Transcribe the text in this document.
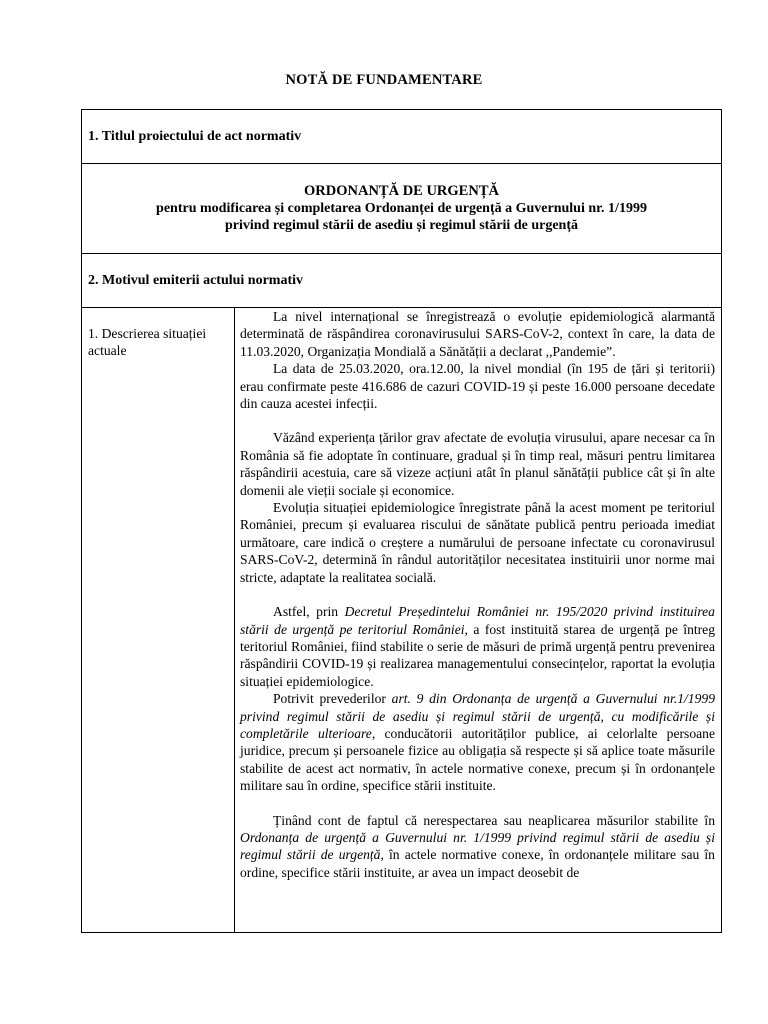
NOTĂ DE FUNDAMENTARE
1. Titlul proiectului de act normativ

ORDONANȚĂ DE URGENȚĂ
pentru modificarea și completarea Ordonanței de urgență a Guvernului nr. 1/1999
privind regimul stării de asediu și regimul stării de urgență

2. Motivul emiterii actului normativ
1. Descrierea situației actuale	

La nivel internațional se înregistrează o evoluție epidemiologică alarmantă determinată de răspândirea coronavirusului SARS-CoV-2, context în care, la data de 11.03.2020, Organizația Mondială a Sănătății a declarat ,,Pandemie”.

La data de 25.03.2020, ora.12.00, la nivel mondial (în 195 de țări și teritorii) erau confirmate peste 416.686 de cazuri COVID-19 și peste 16.000 persoane decedate din cauza acestei infecții.

Văzând experiența țărilor grav afectate de evoluția virusului, apare necesar ca în România să fie adoptate în continuare, gradual și în timp real, măsuri pentru limitarea răspândirii acestuia, care să vizeze acțiuni atât în planul sănătății publice cât și în alte domenii ale vieții sociale și economice.

Evoluția situației epidemiologice înregistrate până la acest moment pe teritoriul României, precum și evaluarea riscului de sănătate publică pentru perioada imediat următoare, care indică o creștere a numărului de persoane infectate cu coronavirusul SARS-CoV-2, determină în rândul autorităților necesitatea instituirii unor norme mai stricte, adaptate la realitatea socială.

Astfel, prin Decretul Președintelui României nr. 195/2020 privind instituirea stării de urgență pe teritoriul României, a fost instituită starea de urgență pe întreg teritoriul României, fiind stabilite o serie de măsuri de primă urgență pentru prevenirea răspândirii COVID-19 și realizarea managementului consecințelor, raportat la evoluția situației epidemiologice.

Potrivit prevederilor art. 9 din Ordonanța de urgență a Guvernului nr.1/1999 privind regimul stării de asediu și regimul stării de urgență, cu modificările și completările ulterioare, conducătorii autorităților publice, ai celorlalte persoane juridice, precum și persoanele fizice au obligația să respecte și să aplice toate măsurile stabilite de acest act normativ, în actele normative conexe, precum și în ordonanțele militare sau în ordine, specifice stării instituite.

Ținând cont de faptul că nerespectarea sau neaplicarea măsurilor stabilite în Ordonanța de urgență a Guvernului nr. 1/1999 privind regimul stării de asediu și regimul stării de urgență, în actele normative conexe, în ordonanțele militare sau în ordine, specifice stării instituite, ar avea un impact deosebit de
